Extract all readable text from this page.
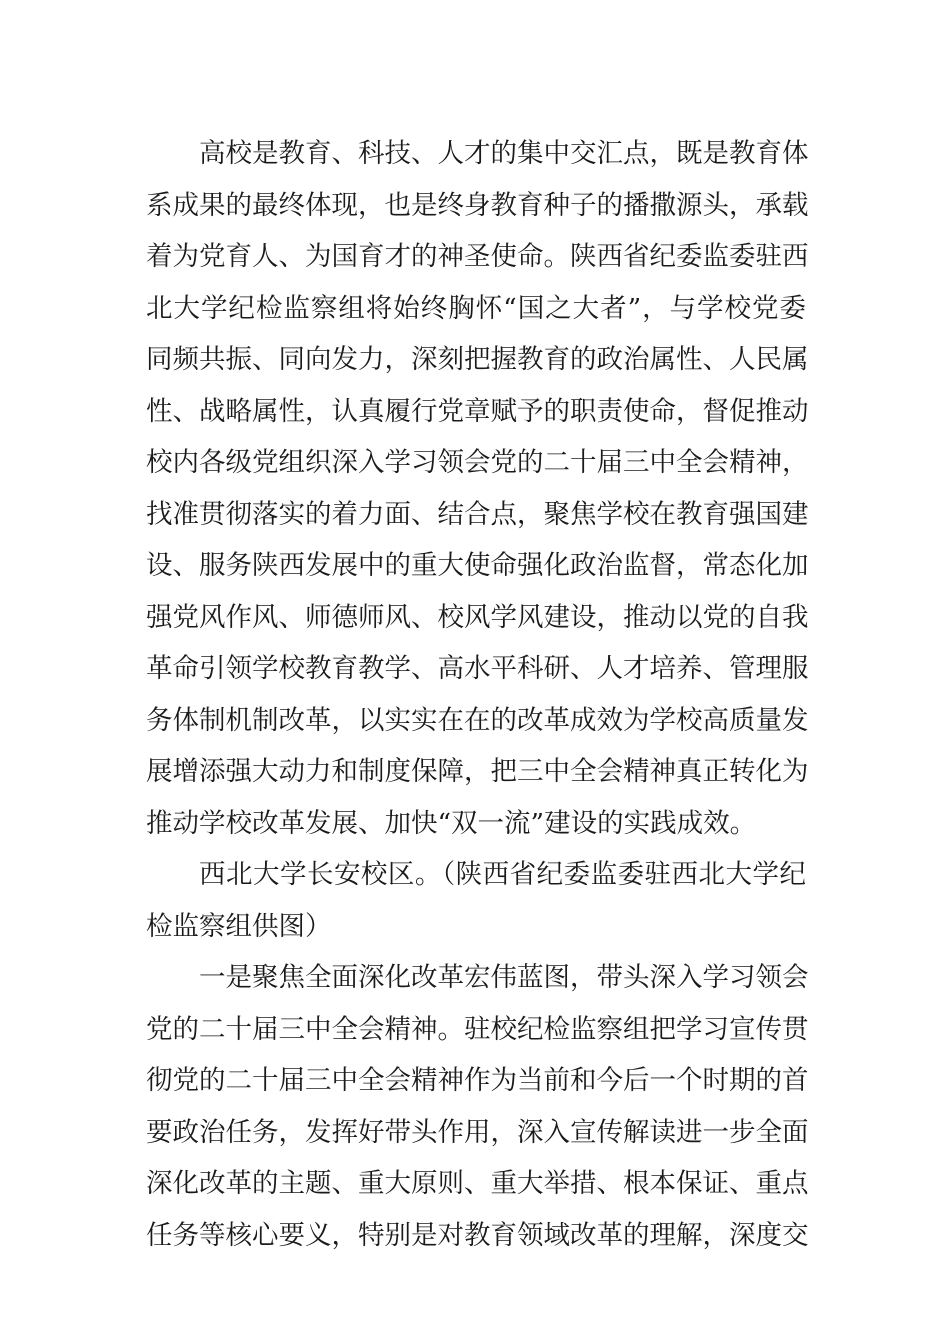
高校是教育、科技、人才的集中交汇点，既是教育体
系成果的最终体现，也是终身教育种子的播撒源头，承载
着为党育人、为国育才的神圣使命。陕西省纪委监委驻西
北大学纪检监察组将始终胸怀“国之大者”，与学校党委
同频共振、同向发力，深刻把握教育的政治属性、人民属
性、战略属性，认真履行党章赋予的职责使命，督促推动
校内各级党组织深入学习领会党的二十届三中全会精神，
找准贯彻落实的着力面、结合点，聚焦学校在教育强国建
设、服务陕西发展中的重大使命强化政治监督，常态化加
强党风作风、师德师风、校风学风建设，推动以党的自我
革命引领学校教育教学、高水平科研、人才培养、管理服
务体制机制改革，以实实在在的改革成效为学校高质量发
展增添强大动力和制度保障，把三中全会精神真正转化为
推动学校改革发展、加快“双一流”建设的实践成效。
西北大学长安校区。（陕西省纪委监委驻西北大学纪
检监察组供图）
一是聚焦全面深化改革宏伟蓝图，带头深入学习领会
党的二十届三中全会精神。驻校纪检监察组把学习宣传贯
彻党的二十届三中全会精神作为当前和今后一个时期的首
要政治任务，发挥好带头作用，深入宣传解读进一步全面
深化改革的主题、重大原则、重大举措、根本保证、重点
任务等核心要义，特别是对教育领域改革的理解，深度交
